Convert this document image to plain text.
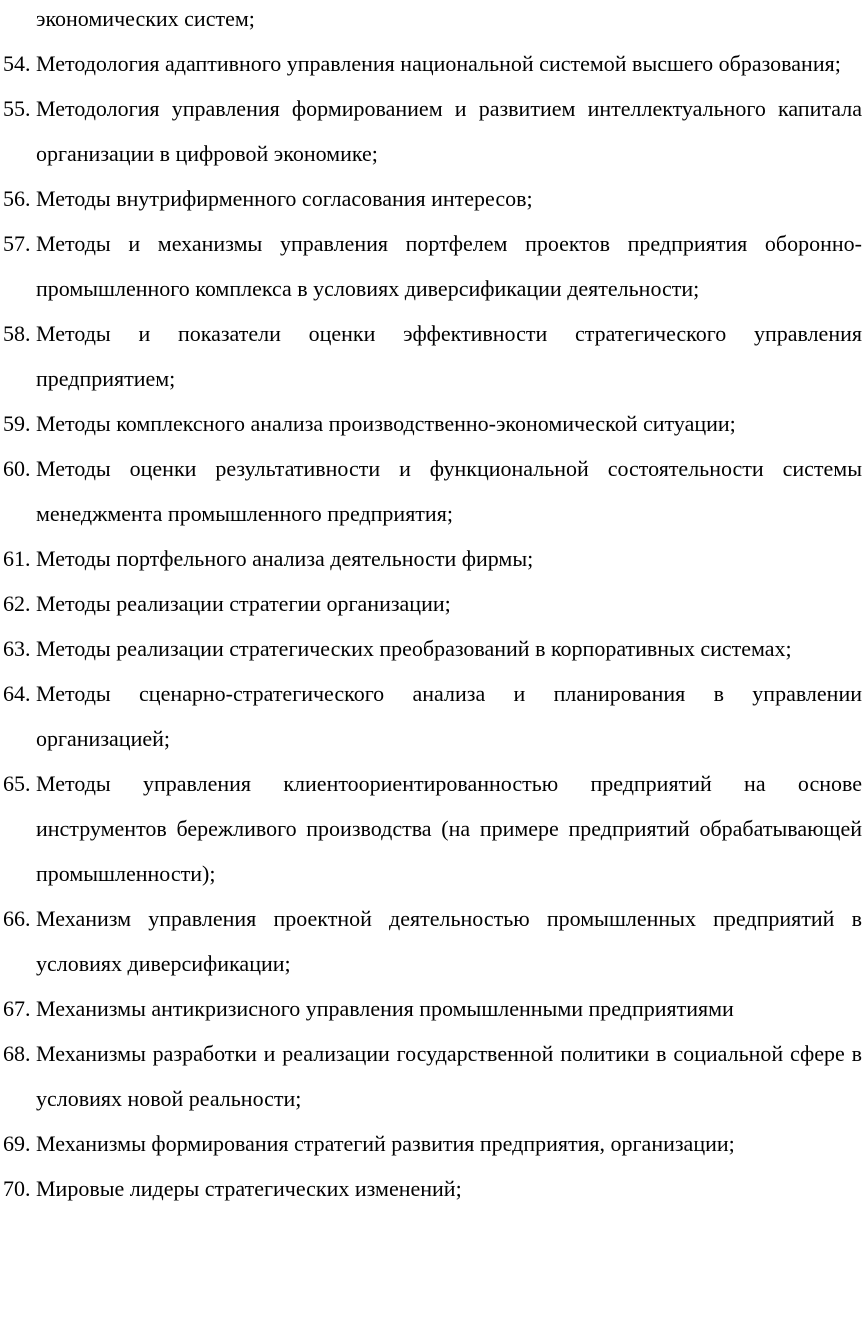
экономических систем;
54. Методология адаптивного управления национальной системой высшего образования;
55. Методология управления формированием и развитием интеллектуального капитала организации в цифровой экономике;
56. Методы внутрифирменного согласования интересов;
57. Методы и механизмы управления портфелем проектов предприятия оборонно-промышленного комплекса в условиях диверсификации деятельности;
58. Методы и показатели оценки эффективности стратегического управления предприятием;
59. Методы комплексного анализа производственно-экономической ситуации;
60. Методы оценки результативности и функциональной состоятельности системы менеджмента промышленного предприятия;
61. Методы портфельного анализа деятельности фирмы;
62. Методы реализации стратегии организации;
63. Методы реализации стратегических преобразований в корпоративных системах;
64. Методы сценарно-стратегического анализа и планирования в управлении организацией;
65. Методы управления клиентоориентированностью предприятий на основе инструментов бережливого производства (на примере предприятий обрабатывающей промышленности);
66. Механизм управления проектной деятельностью промышленных предприятий в условиях диверсификации;
67. Механизмы антикризисного управления промышленными предприятиями
68. Механизмы разработки и реализации государственной политики в социальной сфере в условиях новой реальности;
69. Механизмы формирования стратегий развития предприятия, организации;
70. Мировые лидеры стратегических изменений;
